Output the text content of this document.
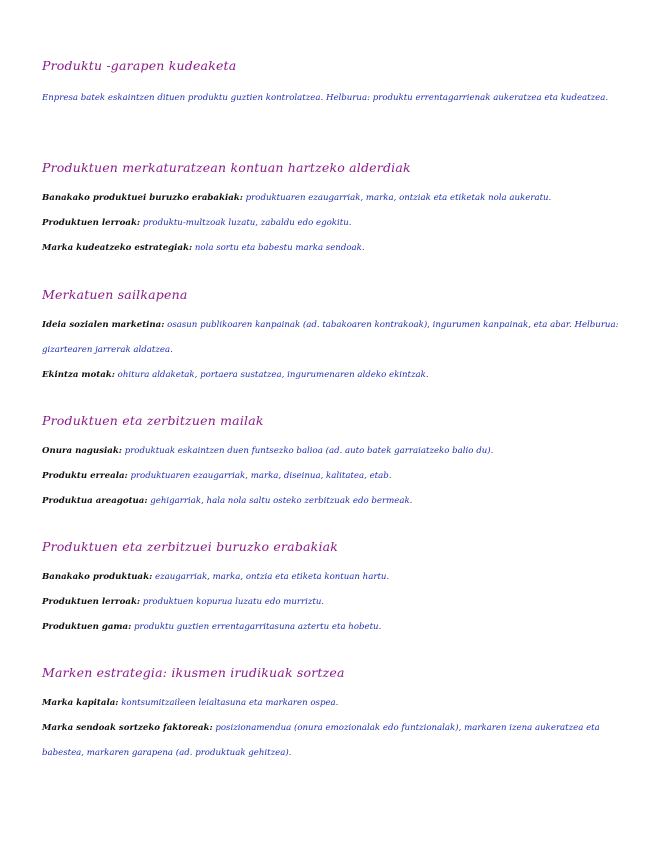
Produktu -garapen kudeaketa

Enpresa batek eskaintzen dituen produktu guztien kontrolatzea. Helburua: produktu errentagarrienak aukeratzea eta kudeatzea.

Produktuen merkaturatzean kontuan hartzeko alderdiak

Banakako produktuei buruzko erabakiak: produktuaren ezaugarriak, marka, ontziak eta etiketak nola aukeratu.

Produktuen lerroak: produktu-multzoak luzatu, zabaldu edo egokitu.

Marka kudeatzeko estrategiak: nola sortu eta babestu marka sendoak.

Merkatuen sailkapena

Ideia sozialen marketina: osasun publikoaren kanpainak (ad. tabakoaren kontrakoak), ingurumen kanpainak, eta abar. Helburua: gizartearen jarrerak aldatzea.

Ekintza motak: ohitura aldaketak, portaera sustatzea, ingurumenaren aldeko ekintzak.

Produktuen eta zerbitzuen mailak

Onura nagusiak: produktuak eskaintzen duen funtsezko balioa (ad. auto batek garraiatzeko balio du).

Produktu erreala: produktuaren ezaugarriak, marka, diseinua, kalitatea, etab.

Produktua areagotua: gehigarriak, hala nola saltu osteko zerbitzuak edo bermeak.

Produktuen eta zerbitzuei buruzko erabakiak

Banakako produktuak: ezaugarriak, marka, ontzia eta etiketa kontuan hartu.

Produktuen lerroak: produktuen kopurua luzatu edo murriztu.

Produktuen gama: produktu guztien errentagarritasuna aztertu eta hobetu.

Marken estrategia: ikusmen irudikuak sortzea

Marka kapitala: kontsumitzaileen leialtasuna eta markaren ospea.

Marka sendoak sortzeko faktoreak: posizionamendua (onura emozionalak edo funtzionalak), markaren izena aukeratzea eta babestea, markaren garapena (ad. produktuak gehitzea).
